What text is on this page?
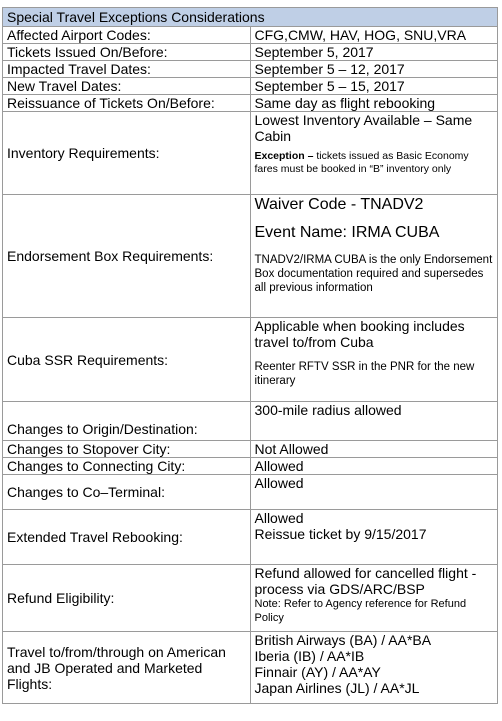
Special Travel Exceptions Considerations	
Affected Airport Codes:	CFG,CMW, HAV, HOG, SNU,VRA
Tickets Issued On/Before:	September 5, 2017
Impacted Travel Dates:	September 5 – 12, 2017
New Travel Dates:	September 5 – 15, 2017
Reissuance of Tickets On/Before:	Same day as flight rebooking
Inventory Requirements:	Lowest Inventory Available – Same Cabin
Exception – tickets issued as Basic Economy fares must be booked in “B” inventory only

Endorsement Box Requirements:	Waiver Code - TNADV2
Event Name: IRMA CUBA
TNADV2/IRMA CUBA is the only Endorsement Box documentation required and supersedes all previous information

Cuba SSR Requirements:	Applicable when booking includes travel to/from Cuba
Reenter RFTV SSR in the PNR for the new itinerary

Changes to Origin/Destination:	300-mile radius allowed
Changes to Stopover City:	Not Allowed
Changes to Connecting City:	Allowed
Changes to Co–Terminal:	Allowed
Extended Travel Rebooking:	Allowed
Reissue ticket by 9/15/2017

Refund Eligibility:	Refund allowed for cancelled flight - process via GDS/ARC/BSP
Note: Refer to Agency reference for Refund Policy

Travel to/from/through on American and JB Operated and Marketed Flights:	British Airways (BA) / AA*BA
Iberia (IB) / AA*IB
Finnair (AY) / AA*AY
Japan Airlines (JL) / AA*JL
